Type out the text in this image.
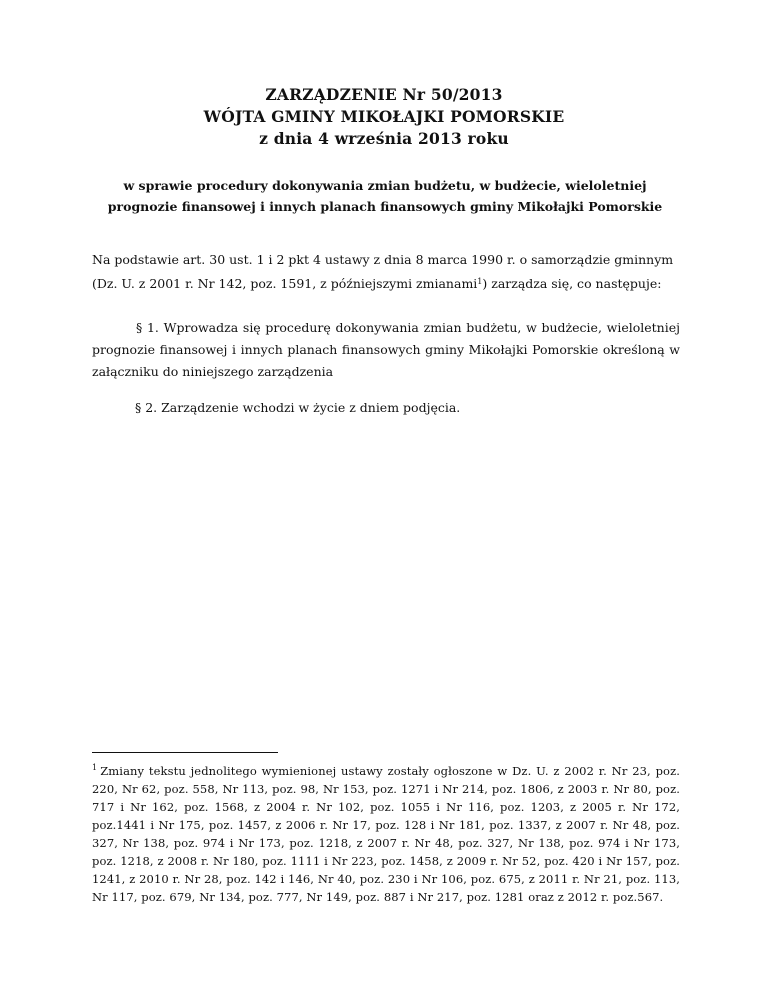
ZARZĄDZENIE Nr 50/2013
WÓJTA GMINY MIKOŁAJKI POMORSKIE
z dnia 4 września 2013 roku
w sprawie procedury dokonywania zmian budżetu, w budżecie, wieloletniej prognozie finansowej i innych planach finansowych gminy Mikołajki Pomorskie
Na podstawie art. 30 ust. 1 i 2 pkt 4 ustawy z dnia 8 marca 1990 r. o samorządzie gminnym (Dz. U. z 2001 r. Nr 142, poz. 1591, z późniejszymi zmianami$^1$) zarządza się, co następuje:
§ 1. Wprowadza się procedurę dokonywania zmian budżetu, w budżecie, wieloletniej prognozie finansowej i innych planach finansowych gminy Mikołajki Pomorskie określoną w załączniku do niniejszego zarządzenia
§ 2. Zarządzenie wchodzi w życie z dniem podjęcia.
$^1$ Zmiany tekstu jednolitego wymienionej ustawy zostały ogłoszone w Dz. U. z 2002 r. Nr 23, poz. 220, Nr 62, poz. 558, Nr 113, poz. 98, Nr 153, poz. 1271 i Nr 214, poz. 1806, z 2003 r. Nr 80, poz. 717 i Nr 162, poz. 1568, z 2004 r. Nr 102, poz. 1055 i Nr 116, poz. 1203, z 2005 r. Nr 172, poz.1441 i Nr 175, poz. 1457, z 2006 r. Nr 17, poz. 128 i Nr 181, poz. 1337, z 2007 r. Nr 48, poz. 327, Nr 138, poz. 974 i Nr 173, poz. 1218, z 2007 r. Nr 48, poz. 327, Nr 138, poz. 974 i Nr 173, poz. 1218, z 2008 r. Nr 180, poz. 1111 i Nr 223, poz. 1458, z 2009 r. Nr 52, poz. 420 i Nr 157, poz. 1241, z 2010 r. Nr 28, poz. 142 i 146, Nr 40, poz. 230 i Nr 106, poz. 675, z 2011 r. Nr 21, poz. 113, Nr 117, poz. 679, Nr 134, poz. 777, Nr 149, poz. 887 i Nr 217, poz. 1281 oraz z 2012 r. poz.567.
